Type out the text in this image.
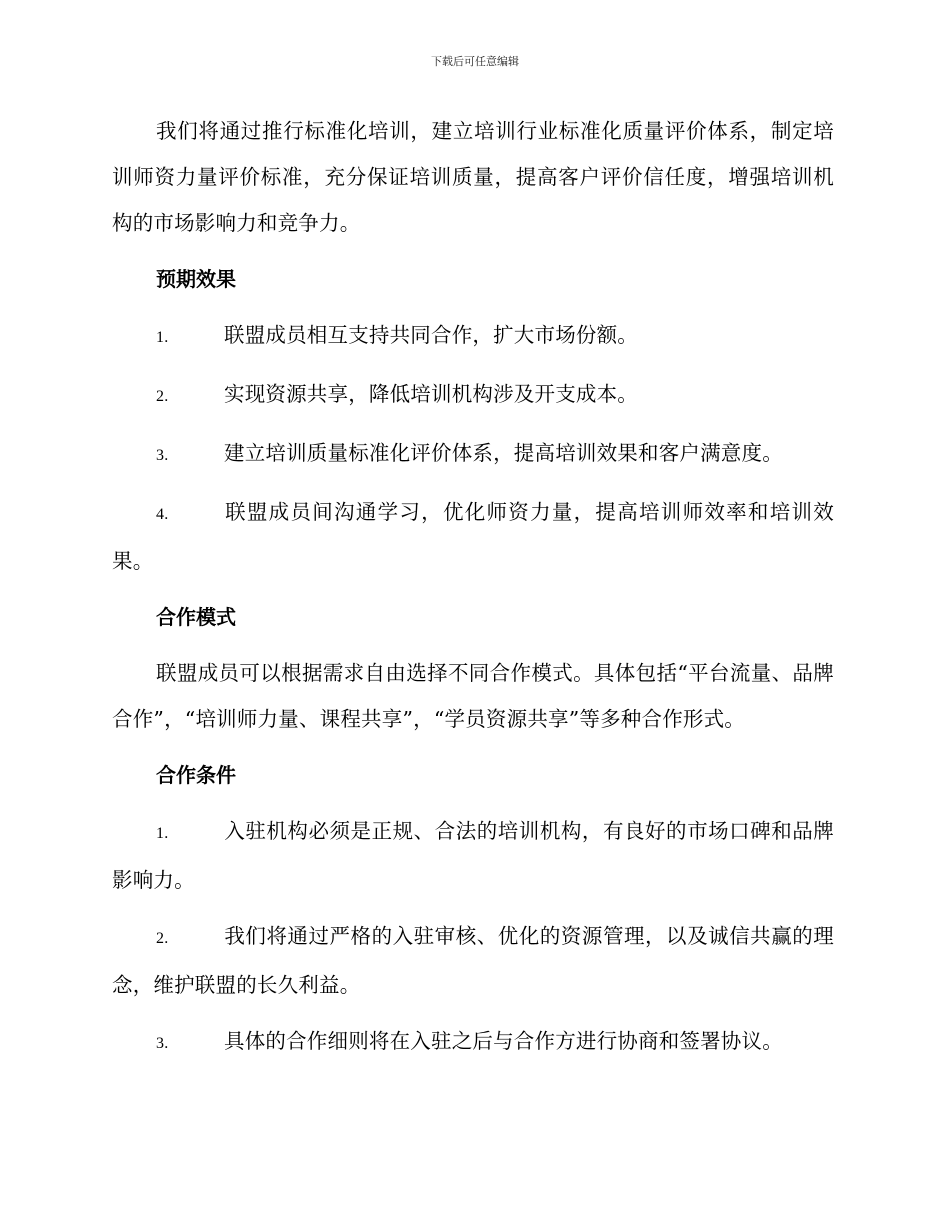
下载后可任意编辑

我们将通过推行标准化培训，建立培训行业标准化质量评价体系，制定培训师资力量评价标准，充分保证培训质量，提高客户评价信任度，增强培训机构的市场影响力和竞争力。

预期效果

1.	联盟成员相互支持共同合作，扩大市场份额。

2.	实现资源共享，降低培训机构涉及开支成本。

3.	建立培训质量标准化评价体系，提高培训效果和客户满意度。

4.	联盟成员间沟通学习，优化师资力量，提高培训师效率和培训效果。

合作模式

联盟成员可以根据需求自由选择不同合作模式。具体包括“平台流量、品牌合作”，“培训师力量、课程共享”，“学员资源共享”等多种合作形式。

合作条件

1.	入驻机构必须是正规、合法的培训机构，有良好的市场口碑和品牌影响力。

2.	我们将通过严格的入驻审核、优化的资源管理，以及诚信共赢的理念，维护联盟的长久利益。

3.	具体的合作细则将在入驻之后与合作方进行协商和签署协议。
